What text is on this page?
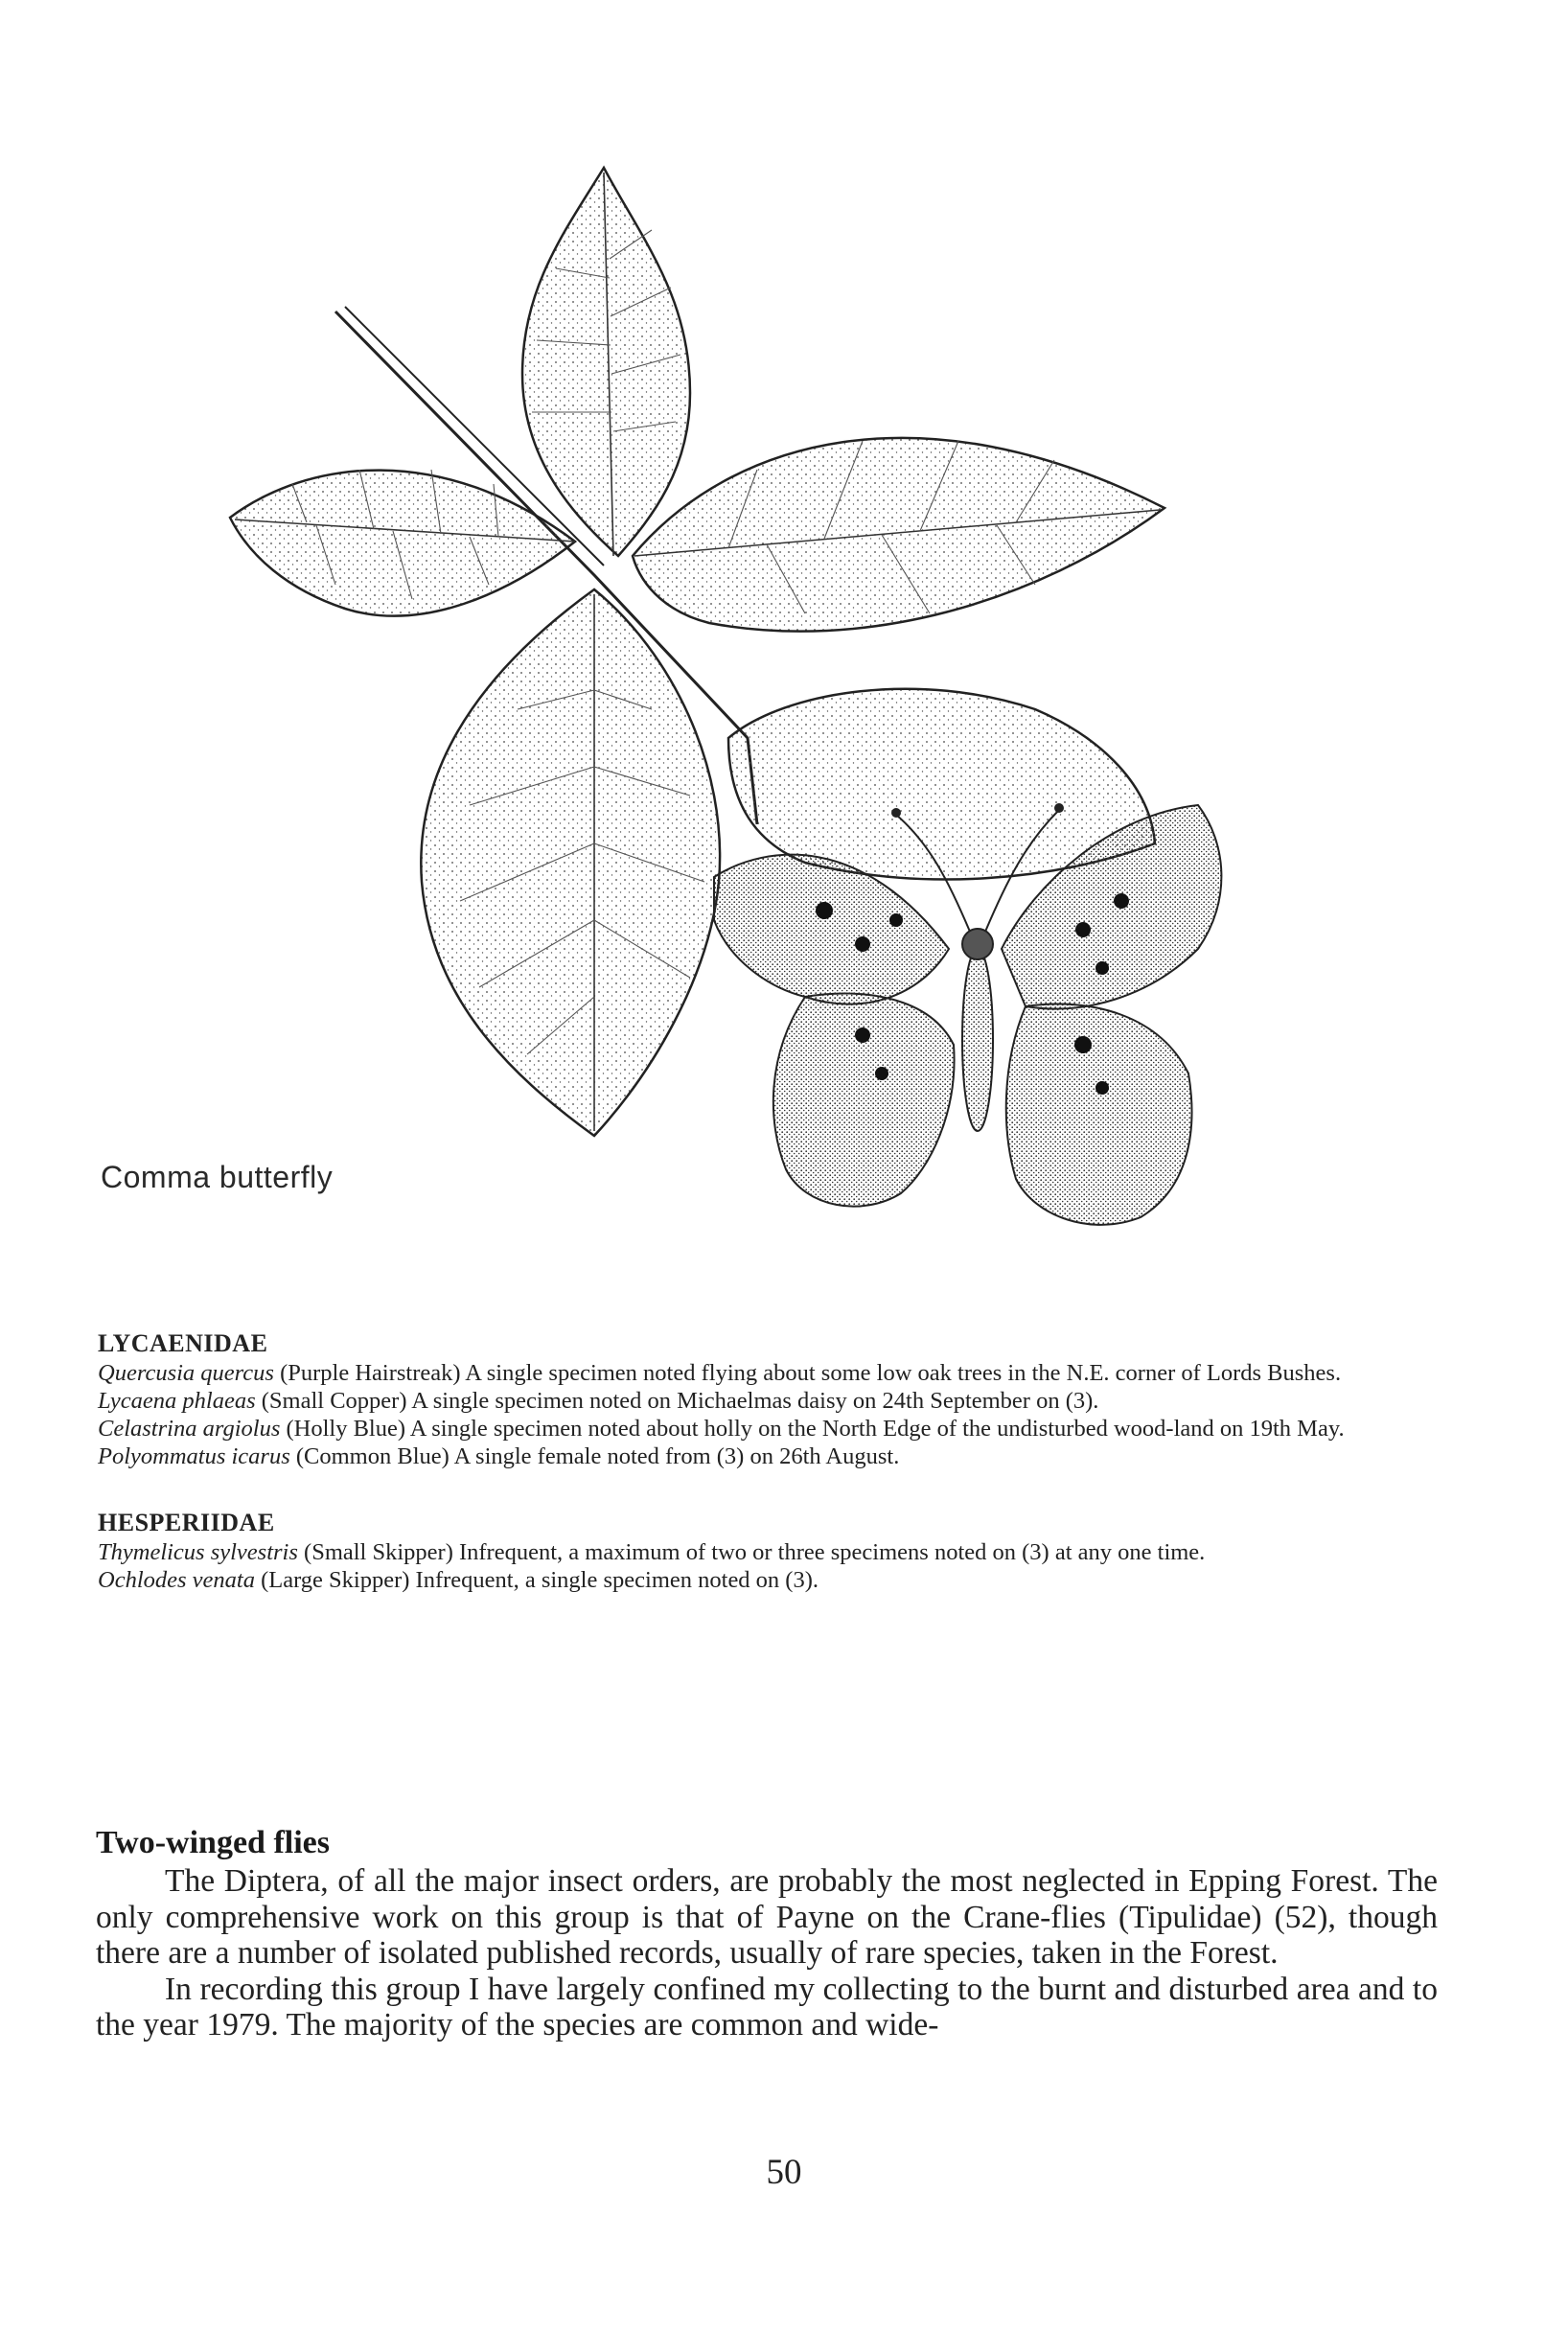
Comma butterfly
LYCAENIDAE
Quercusia quercus (Purple Hairstreak) A single specimen noted flying about some low oak trees in the N.E. corner of Lords Bushes.
Lycaena phlaeas (Small Copper) A single specimen noted on Michaelmas daisy on 24th September on (3).
Celastrina argiolus (Holly Blue) A single specimen noted about holly on the North Edge of the undisturbed wood-land on 19th May.
Polyommatus icarus (Common Blue) A single female noted from (3) on 26th August.
HESPERIIDAE
Thymelicus sylvestris (Small Skipper) Infrequent, a maximum of two or three specimens noted on (3) at any one time.
Ochlodes venata (Large Skipper) Infrequent, a single specimen noted on (3).
Two-winged flies

The Diptera, of all the major insect orders, are probably the most neglected in Epping Forest. The only comprehensive work on this group is that of Payne on the Crane-flies (Tipulidae) (52), though there are a number of isolated published records, usually of rare species, taken in the Forest.

In recording this group I have largely confined my collecting to the burnt and disturbed area and to the year 1979. The majority of the species are common and wide-

50
